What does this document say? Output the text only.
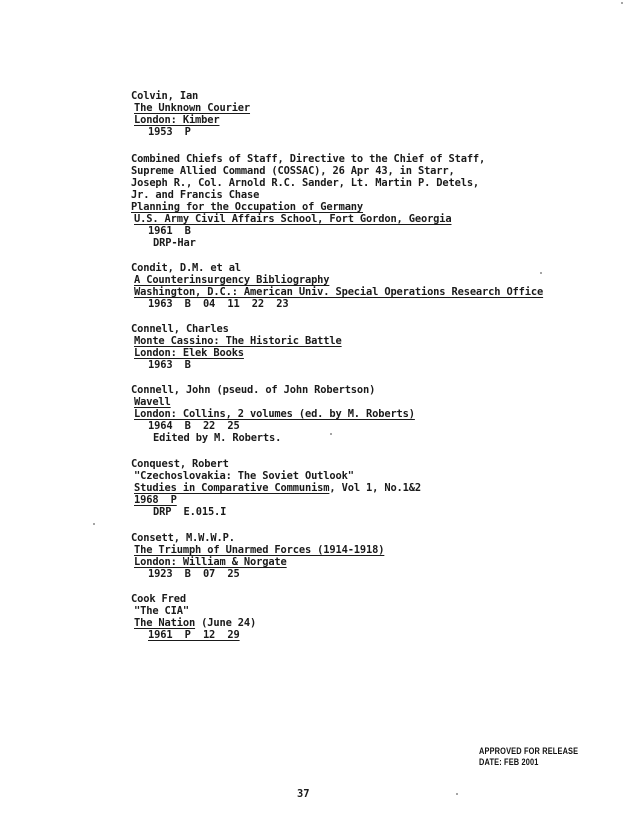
Colvin, Ian
The Unknown Courier
London: Kimber
1953  P
Combined Chiefs of Staff, Directive to the Chief of Staff,
Supreme Allied Command (COSSAC), 26 Apr 43, in Starr,
Joseph R., Col. Arnold R.C. Sander, Lt. Martin P. Detels,
Jr. and Francis Chase
Planning for the Occupation of Germany
U.S. Army Civil Affairs School, Fort Gordon, Georgia
1961  B
DRP-Har
Condit, D.M. et al
A Counterinsurgency Bibliography
Washington, D.C.: American Univ. Special Operations Research Office
1963  B  04  11  22  23
Connell, Charles
Monte Cassino: The Historic Battle
London: Elek Books
1963  B
Connell, John (pseud. of John Robertson)
Wavell
London: Collins, 2 volumes (ed. by M. Roberts)
1964  B  22  25
Edited by M. Roberts.
Conquest, Robert
"Czechoslovakia: The Soviet Outlook"
Studies in Comparative Communism, Vol 1, No.1&2
1968  P
DRP  E.015.I
Consett, M.W.W.P.
The Triumph of Unarmed Forces (1914-1918)
London: William & Norgate
1923  B  07  25
Cook Fred
"The CIA"
The Nation (June 24)
1961  P  12  29
APPROVED FOR RELEASE
DATE: FEB 2001
37
